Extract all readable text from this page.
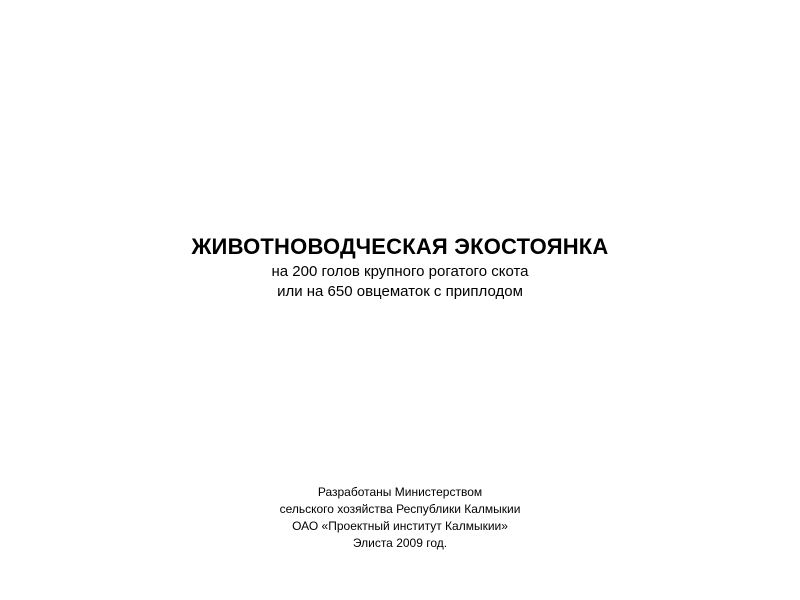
ЖИВОТНОВОДЧЕСКАЯ ЭКОСТОЯНКА
на 200 голов крупного рогатого скота
или на 650 овцематок с приплодом
Разработаны Министерством
сельского хозяйства Республики Калмыкии
ОАО «Проектный институт Калмыкии»
Элиста 2009 год.
